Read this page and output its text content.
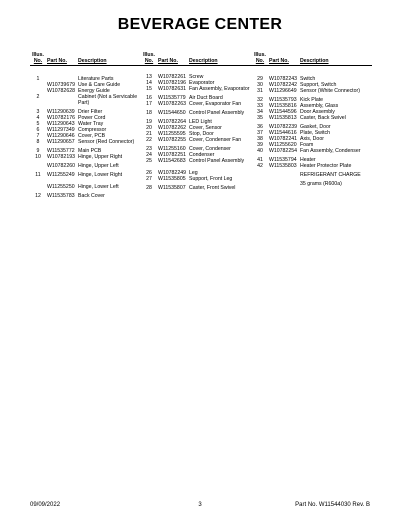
BEVERAGE CENTER
Illus.
No. Part No.	Description
1	Literature Parts
W10739679 Use & Care Guide
W10782628 Energy Guide
2	Cabinet (Not a Servicable Part)
3	W11290639 Drier Filter
4	W10782176 Power Cord
5	W11290643 Water Tray
6	W11297349 Compressor
7	W11290646 Cover, PCB
8	W11290657 Sensor (Red Connector)
9	W11535772 Main PCB
10	W10782193 Hinge, Upper Right
W10782260 Hinge, Upper Left
11	W11255249 Hinge, Lower Right
W11255250 Hinge, Lower Left
12	W11535783 Back Cover
Illus.
No. Part No.	Description
13	W10782261 Screw
14	W10782196 Evaporator
15	W10782631 Fan Assembly, Evaporator
16	W11535779 Air Duct Board
17	W10782263 Cover, Evaporator Fan
18	W11544650 Control Panel Assembly
19	W10782264 LED Light
20	W10782262 Cover, Sensor
21	W11255595 Stop, Door
22	W10782255 Cover, Condenser Fan
23	W11255160 Cover, Condenser
24	W10782251 Condenser
25	W11542683 Control Panel Assembly
26	W10782249 Leg
27	W11535805 Support, Front Leg
28	W11535807 Caster, Front Swivel
Illus.
No. Part No.	Description
29	W10782243 Switch
30	W10782242 Support, Switch
31	W11296649 Sensor (White Connector)
32	W11535793 Kick Plate
33	W11535816 Assembly, Glass
34	W11544596 Door Assembly
35	W11535813 Caster, Back Swivel
36	W10782239 Gasket, Door
37	W11544616 Plate, Switch
38	W10782241 Axis, Door
39	W11255620 Foam
40	W10782254 Fan Assembly, Condenser
41	W11535794 Heater
42	W11535803 Heater Protector Plate
REFRIGERANT CHARGE
35 grams (R600a)
09/09/2022	3	Part No. W11544030 Rev. B
